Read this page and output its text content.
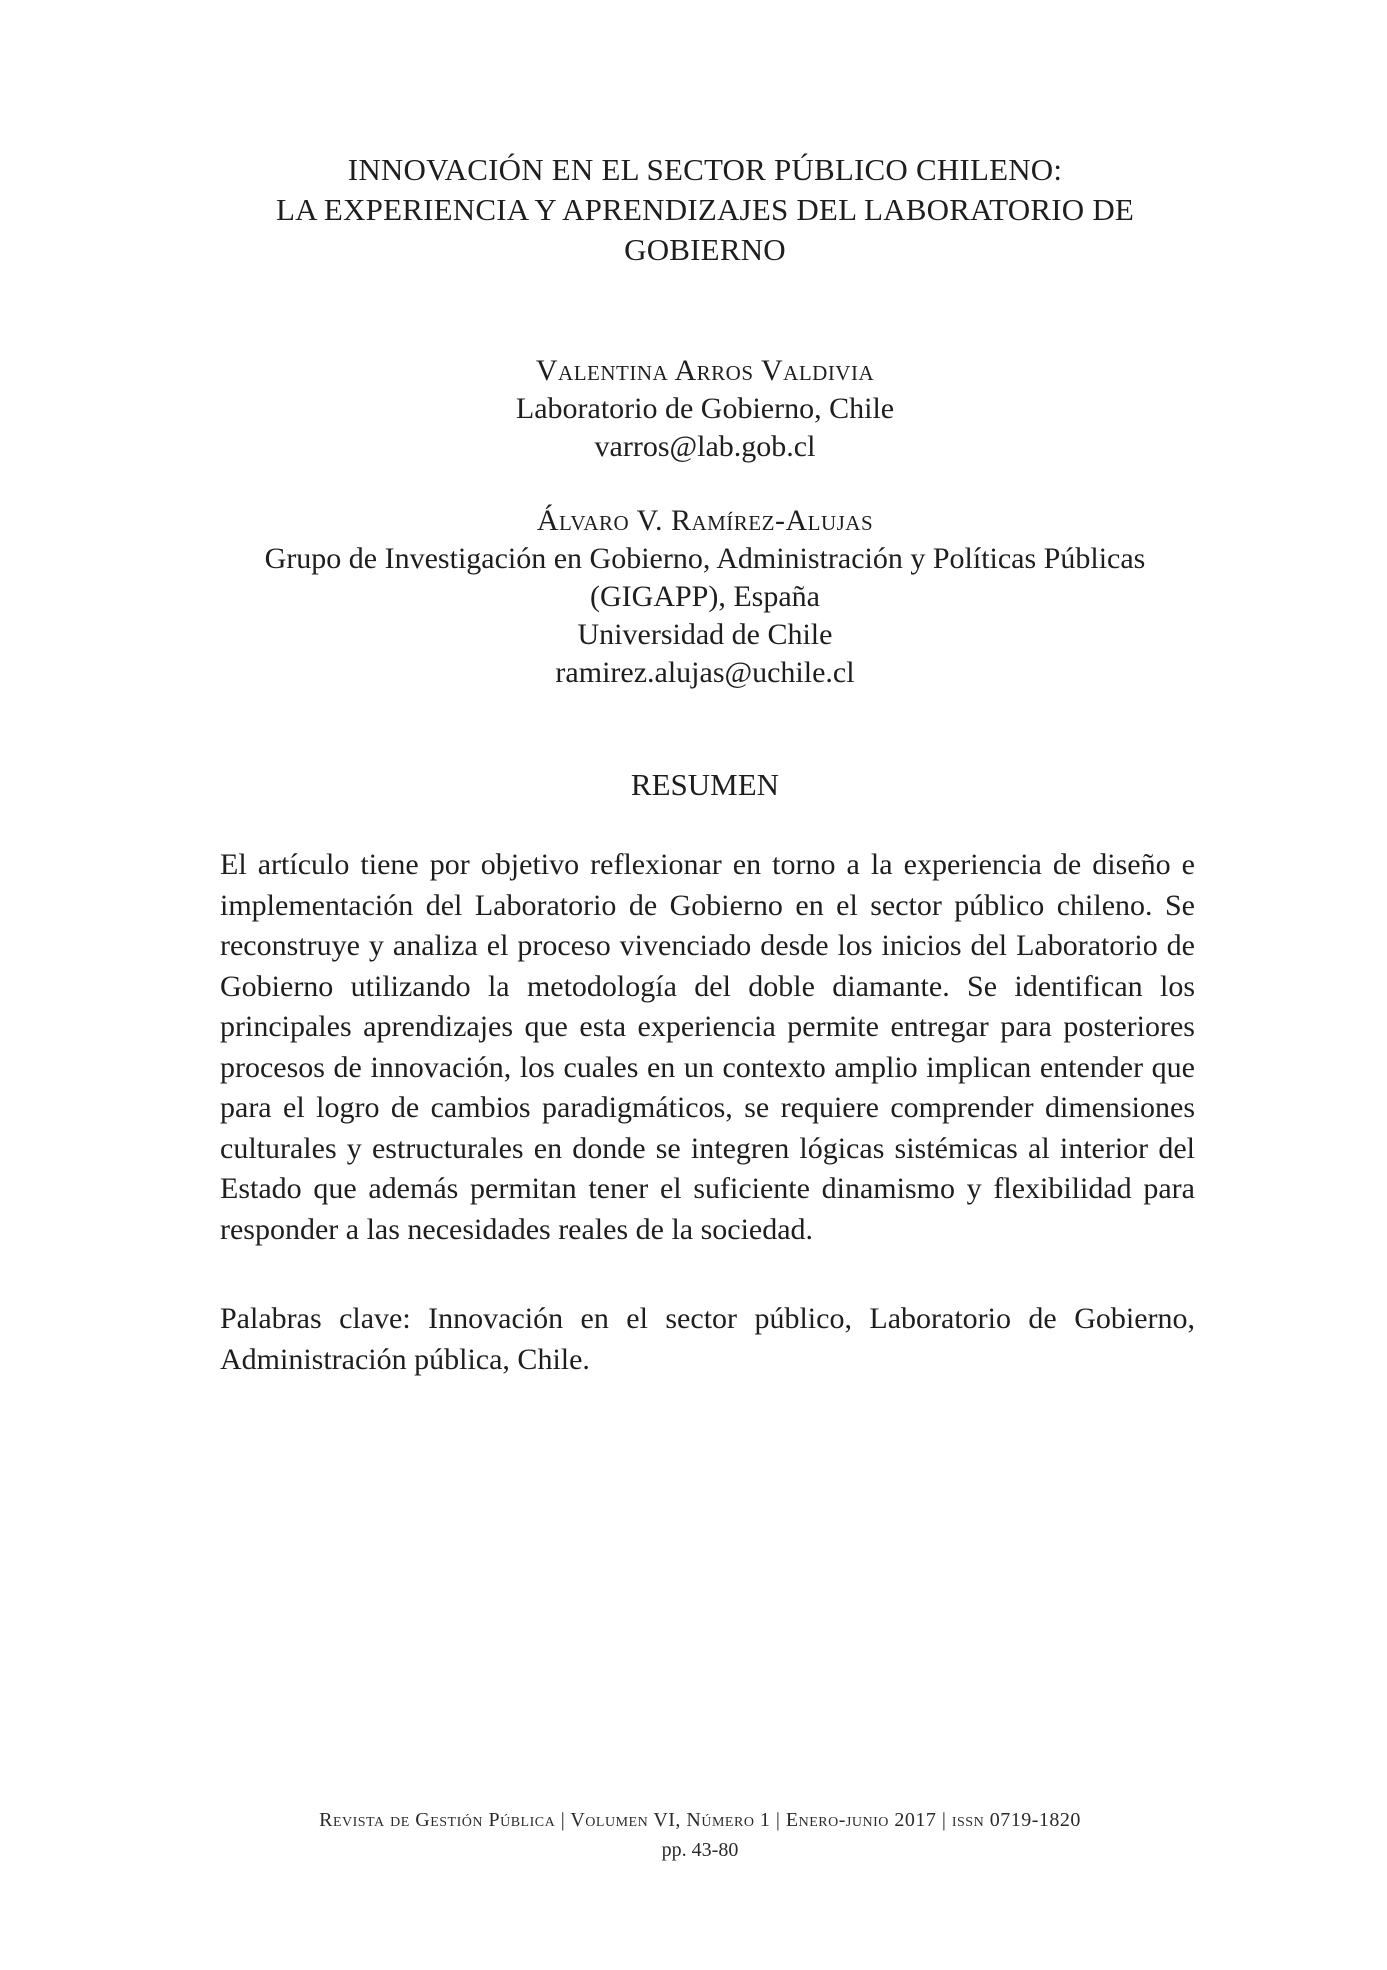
INNOVACIÓN EN EL SECTOR PÚBLICO CHILENO:
LA EXPERIENCIA Y APRENDIZAJES DEL LABORATORIO DE
GOBIERNO
Valentina Arros Valdivia
Laboratorio de Gobierno, Chile
varros@lab.gob.cl
Álvaro V. Ramírez-Alujas
Grupo de Investigación en Gobierno, Administración y Políticas Públicas
(GIGAPP), España
Universidad de Chile
ramirez.alujas@uchile.cl
RESUMEN

El artículo tiene por objetivo reflexionar en torno a la experiencia de diseño e implementación del Laboratorio de Gobierno en el sector público chileno. Se reconstruye y analiza el proceso vivenciado desde los inicios del Laboratorio de Gobierno utilizando la metodología del doble diamante. Se identifican los principales aprendizajes que esta experiencia permite entregar para posteriores procesos de innovación, los cuales en un contexto amplio implican entender que para el logro de cambios paradigmáticos, se requiere comprender dimensiones culturales y estructurales en donde se integren lógicas sistémicas al interior del Estado que además permitan tener el suficiente dinamismo y flexibilidad para responder a las necesidades reales de la sociedad.

Palabras clave: Innovación en el sector público, Laboratorio de Gobierno, Administración pública, Chile.

Revista de Gestión Pública | Volumen VI, Número 1 | Enero-junio 2017 | issn 0719-1820
pp. 43-80
